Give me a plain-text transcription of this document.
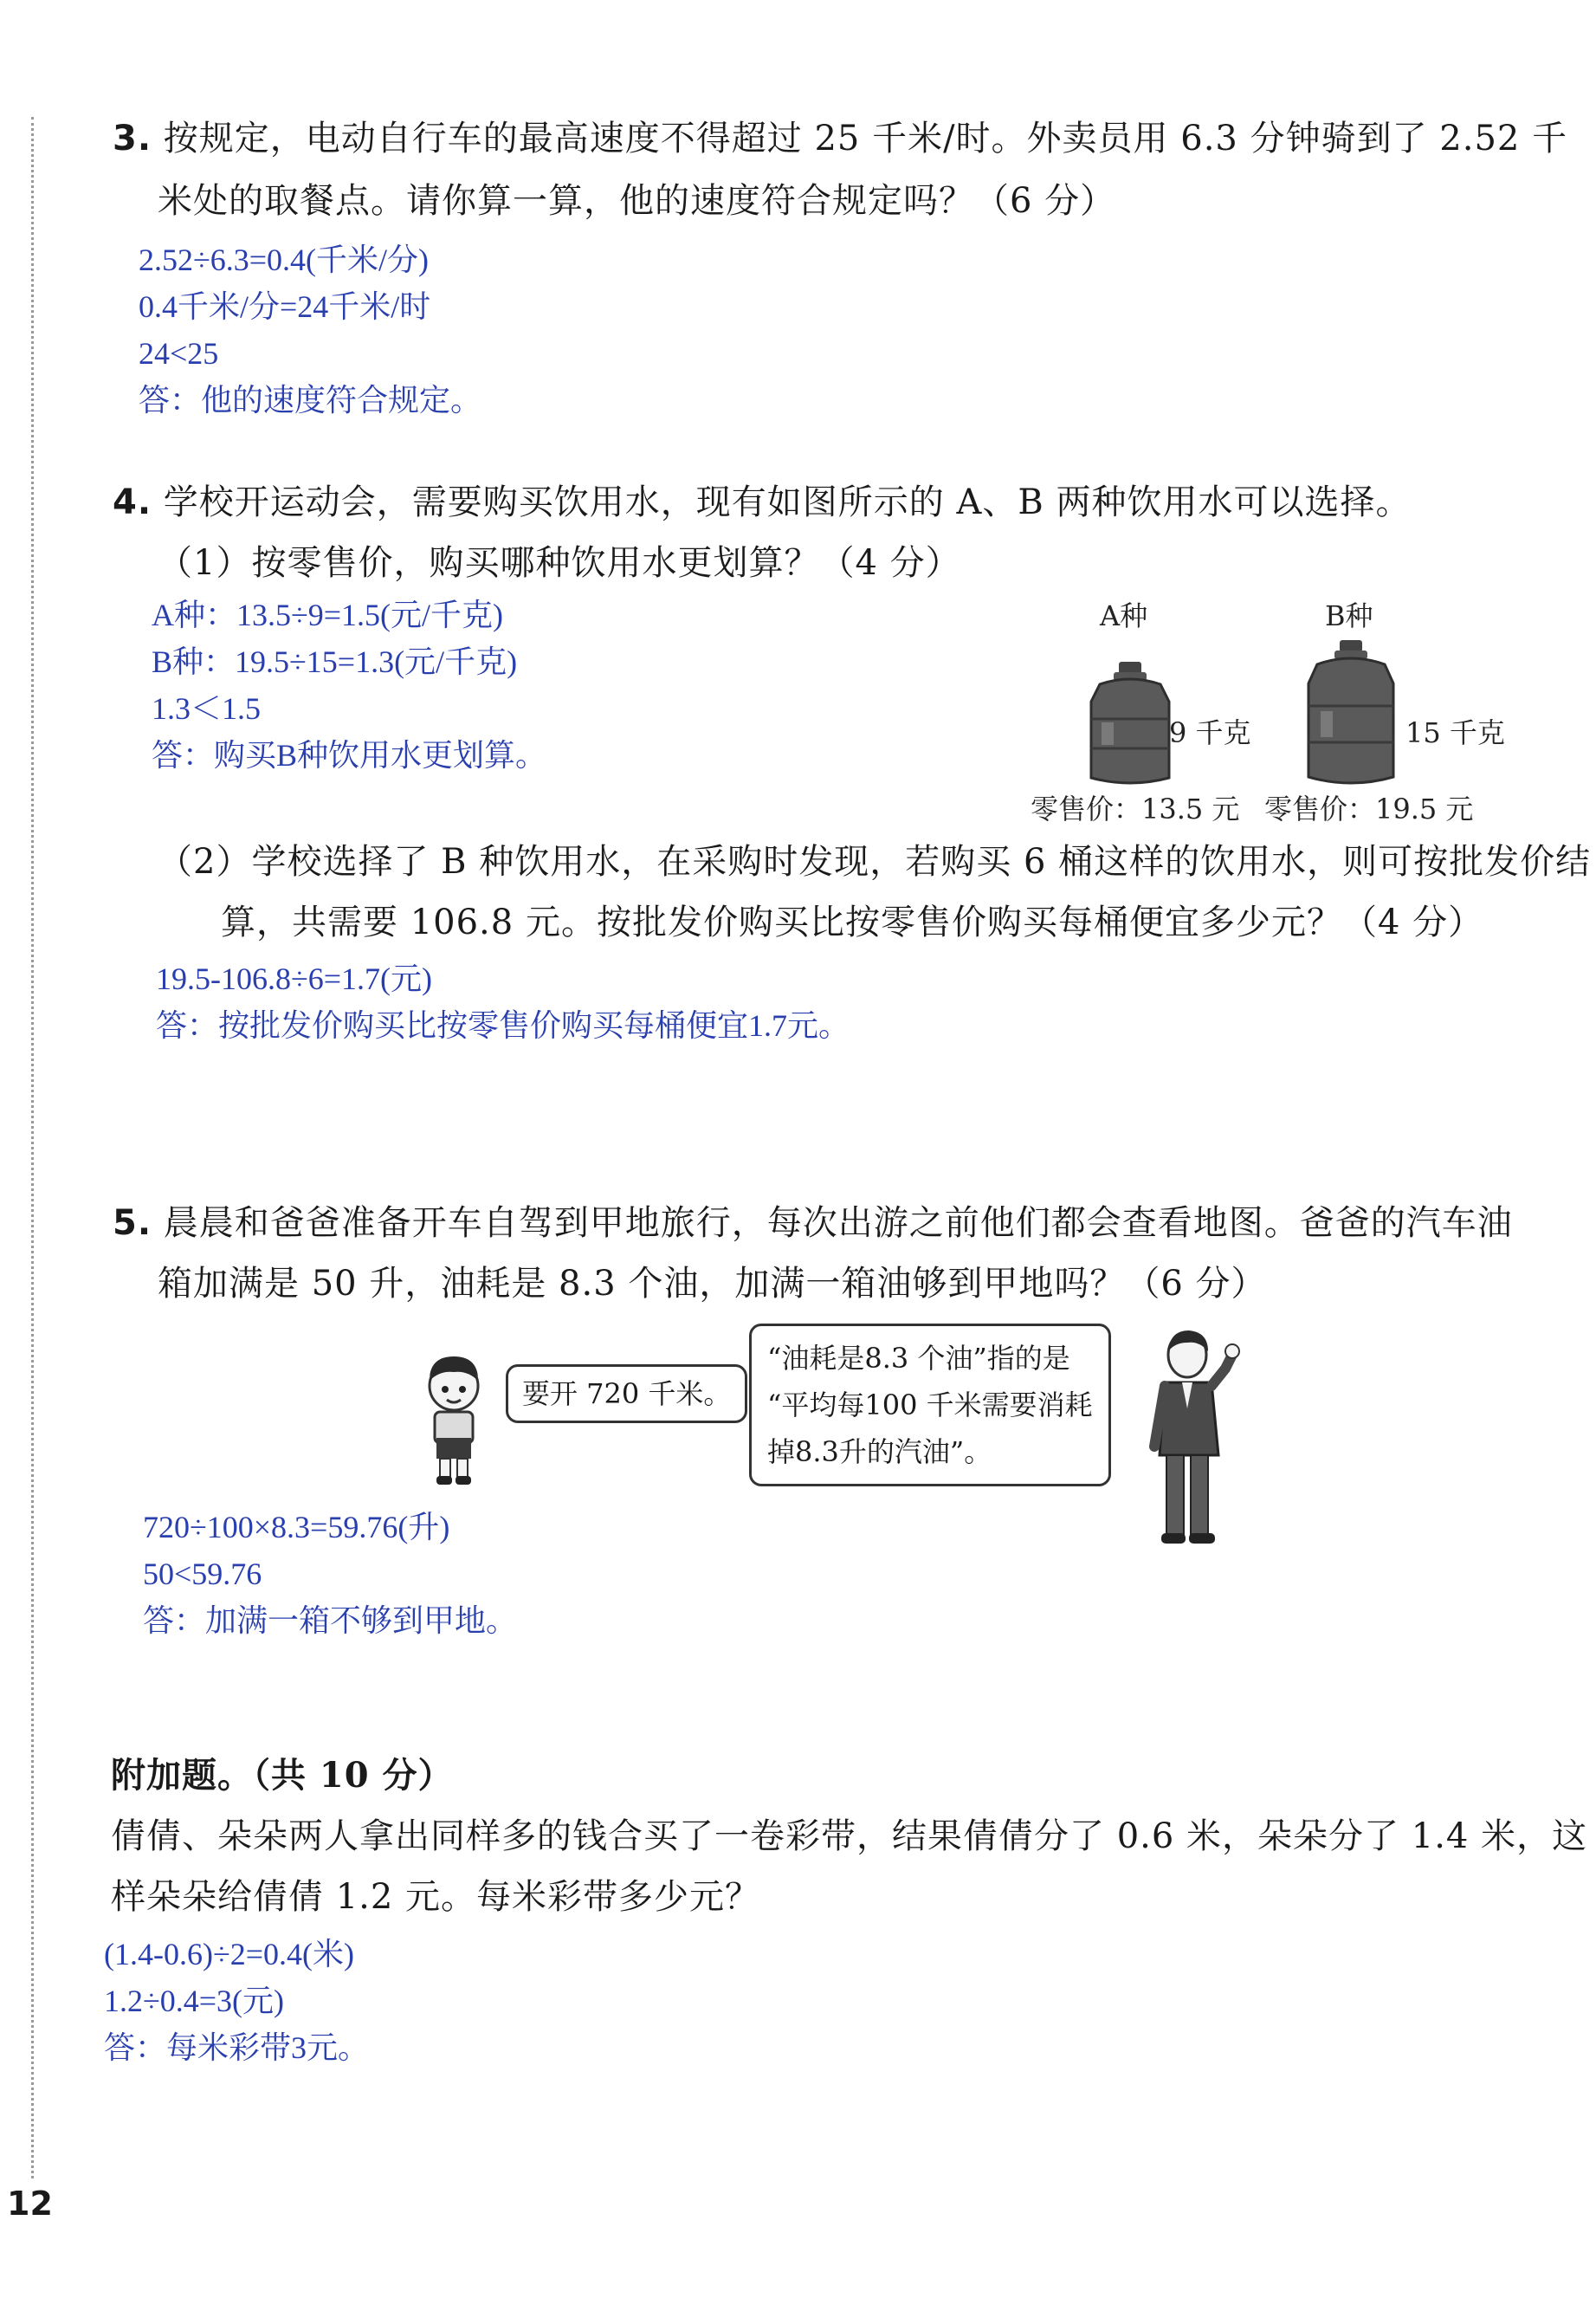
3. 按规定，电动自行车的最高速度不得超过 25 千米/时。外卖员用 6.3 分钟骑到了 2.52 千
米处的取餐点。请你算一算，他的速度符合规定吗？（6 分）
2.52÷6.3=0.4(千米/分)
0.4千米/分=24千米/时
24<25
答：他的速度符合规定。
4. 学校开运动会，需要购买饮用水，现有如图所示的 A、B 两种饮用水可以选择。
（1）按零售价，购买哪种饮用水更划算？（4 分）
A种：13.5÷9=1.5(元/千克)
B种：19.5÷15=1.3(元/千克)
1.3＜1.5
答：购买B种饮用水更划算。
A种	B种
9 千克	15 千克
零售价：13.5 元 零售价：19.5 元
（2）学校选择了 B 种饮用水，在采购时发现，若购买 6 桶这样的饮用水，则可按批发价结
算，共需要 106.8 元。按批发价购买比按零售价购买每桶便宜多少元？（4 分）
19.5-106.8÷6=1.7(元)
答：按批发价购买比按零售价购买每桶便宜1.7元。
5. 晨晨和爸爸准备开车自驾到甲地旅行，每次出游之前他们都会查看地图。爸爸的汽车油
箱加满是 50 升，油耗是 8.3 个油，加满一箱油够到甲地吗？（6 分）
要开 720 千米。
“油耗是8.3 个油”指的是
“平均每100 千米需要消耗
掉8.3升的汽油”。
720÷100×8.3=59.76(升)
50<59.76
答：加满一箱不够到甲地。
附加题。（共 10 分）
倩倩、朵朵两人拿出同样多的钱合买了一卷彩带，结果倩倩分了 0.6 米，朵朵分了 1.4 米，这
样朵朵给倩倩 1.2 元。每米彩带多少元？
(1.4-0.6)÷2=0.4(米)
1.2÷0.4=3(元)
答：每米彩带3元。
12
